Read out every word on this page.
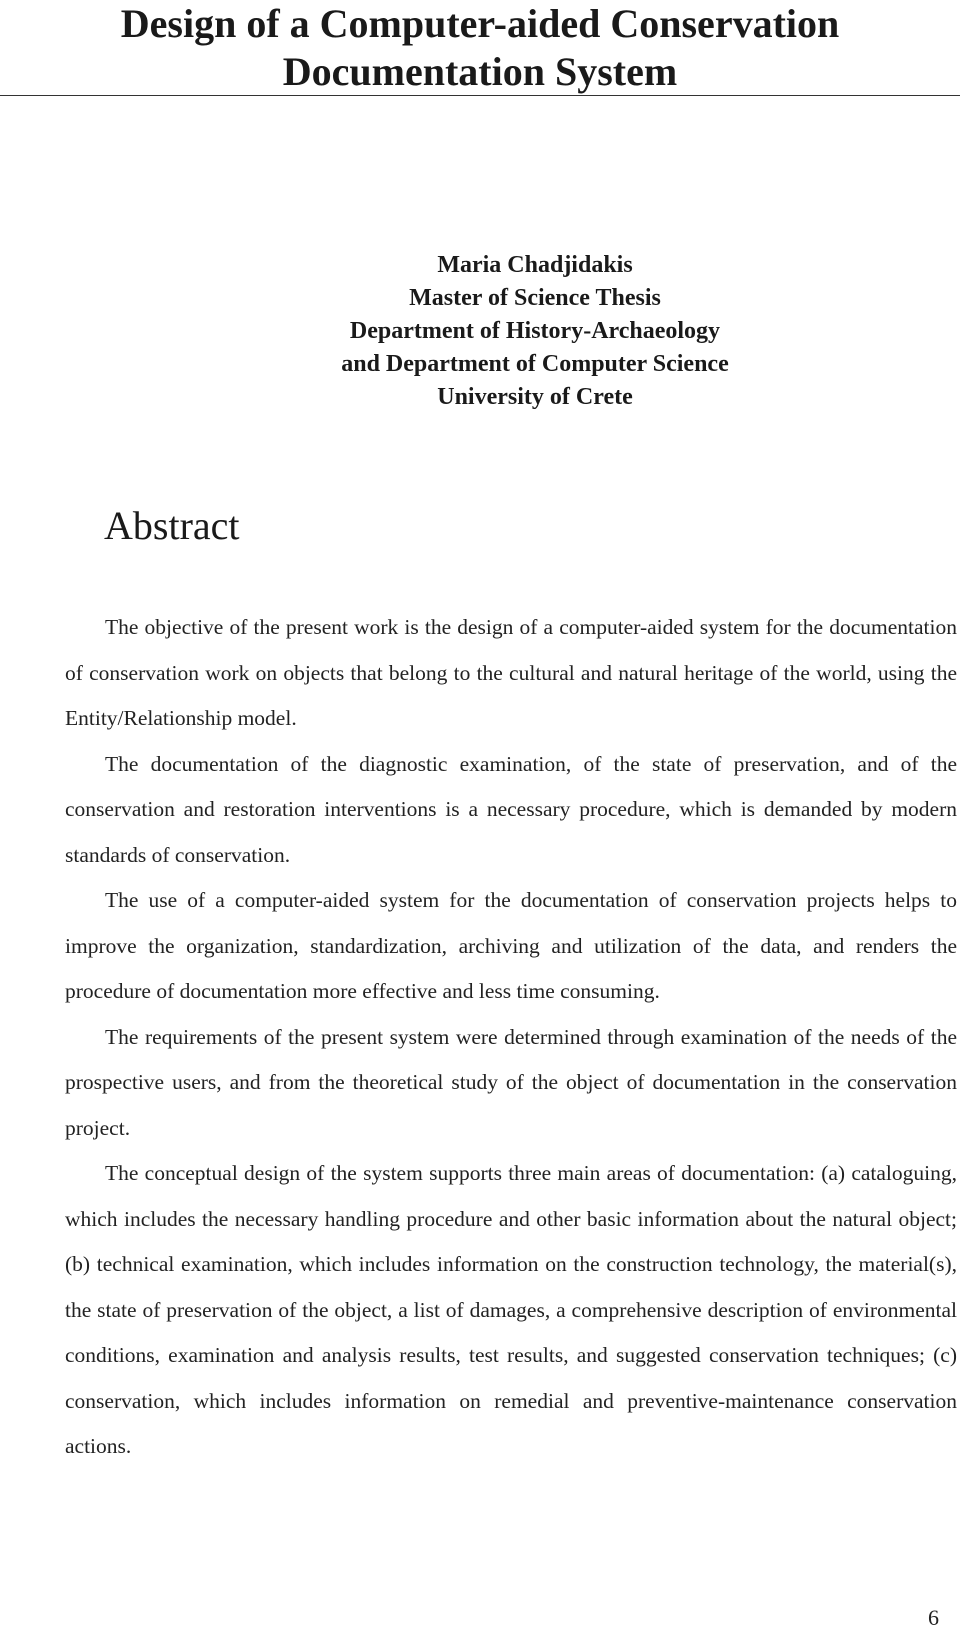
Design of a Computer-aided Conservation
Documentation System
Maria Chadjidakis
Master of Science Thesis
Department of History-Archaeology
and Department of Computer Science
University of Crete
Abstract

The objective of the present work is the design of a computer-aided system for the documentation of conservation work on objects that belong to the cultural and natural heritage of the world, using the Entity/Relationship model.

The documentation of the diagnostic examination, of the state of preservation, and of the conservation and restoration interventions is a necessary procedure, which is demanded by modern standards of conservation.

The use of a computer-aided system for the documentation of conservation projects helps to improve the organization, standardization, archiving and utilization of the data, and renders the procedure of documentation more effective and less time consuming.

The requirements of the present system were determined through examination of the needs of the prospective users, and from the theoretical study of the object of documentation in the conservation project.

The conceptual design of the system supports three main areas of documentation: (a) cataloguing, which includes the necessary handling procedure and other basic information about the natural object; (b) technical examination, which includes information on the construction technology, the material(s), the state of preservation of the object, a list of damages, a comprehensive description of environmental conditions, examination and analysis results, test results, and suggested conservation techniques; (c) conservation, which includes information on remedial and preventive-maintenance conservation actions.

6
